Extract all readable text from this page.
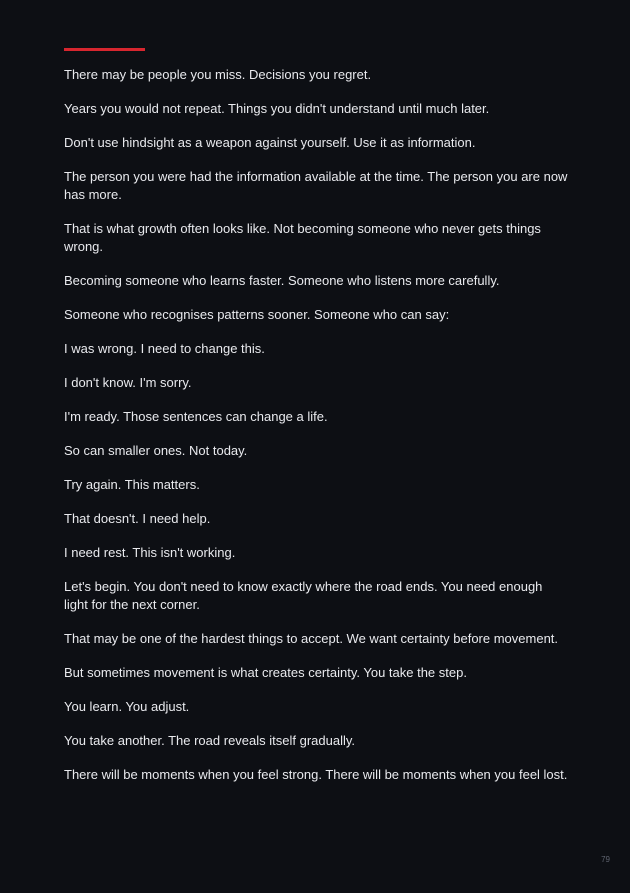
There may be people you miss. Decisions you regret.

Years you would not repeat. Things you didn't understand until much later.

Don't use hindsight as a weapon against yourself. Use it as information.

The person you were had the information available at the time. The person you are now has more.

That is what growth often looks like. Not becoming someone who never gets things wrong.

Becoming someone who learns faster. Someone who listens more carefully.

Someone who recognises patterns sooner. Someone who can say:

I was wrong. I need to change this.

I don't know. I'm sorry.

I'm ready. Those sentences can change a life.

So can smaller ones. Not today.

Try again. This matters.

That doesn't. I need help.

I need rest. This isn't working.

Let's begin. You don't need to know exactly where the road ends. You need enough light for the next corner.

That may be one of the hardest things to accept. We want certainty before movement.

But sometimes movement is what creates certainty. You take the step.

You learn. You adjust.

You take another. The road reveals itself gradually.

There will be moments when you feel strong. There will be moments when you feel lost.

79
